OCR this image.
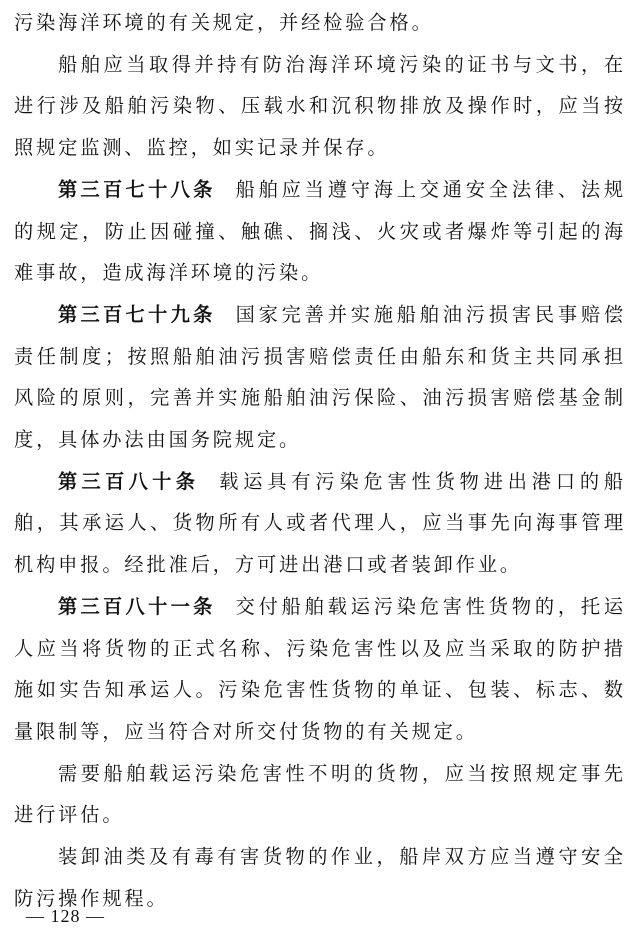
污染海洋环境的有关规定，并经检验合格。

船舶应当取得并持有防治海洋环境污染的证书与文书，在进行涉及船舶污染物、压载水和沉积物排放及操作时，应当按照规定监测、监控，如实记录并保存。

第三百七十八条 船舶应当遵守海上交通安全法律、法规的规定，防止因碰撞、触礁、搁浅、火灾或者爆炸等引起的海难事故，造成海洋环境的污染。

第三百七十九条 国家完善并实施船舶油污损害民事赔偿责任制度；按照船舶油污损害赔偿责任由船东和货主共同承担风险的原则，完善并实施船舶油污保险、油污损害赔偿基金制度，具体办法由国务院规定。

第三百八十条 载运具有污染危害性货物进出港口的船舶，其承运人、货物所有人或者代理人，应当事先向海事管理机构申报。经批准后，方可进出港口或者装卸作业。

第三百八十一条 交付船舶载运污染危害性货物的，托运人应当将货物的正式名称、污染危害性以及应当采取的防护措施如实告知承运人。污染危害性货物的单证、包装、标志、数量限制等，应当符合对所交付货物的有关规定。

需要船舶载运污染危害性不明的货物，应当按照规定事先进行评估。

装卸油类及有毒有害货物的作业，船岸双方应当遵守安全防污操作规程。

— 128 —
